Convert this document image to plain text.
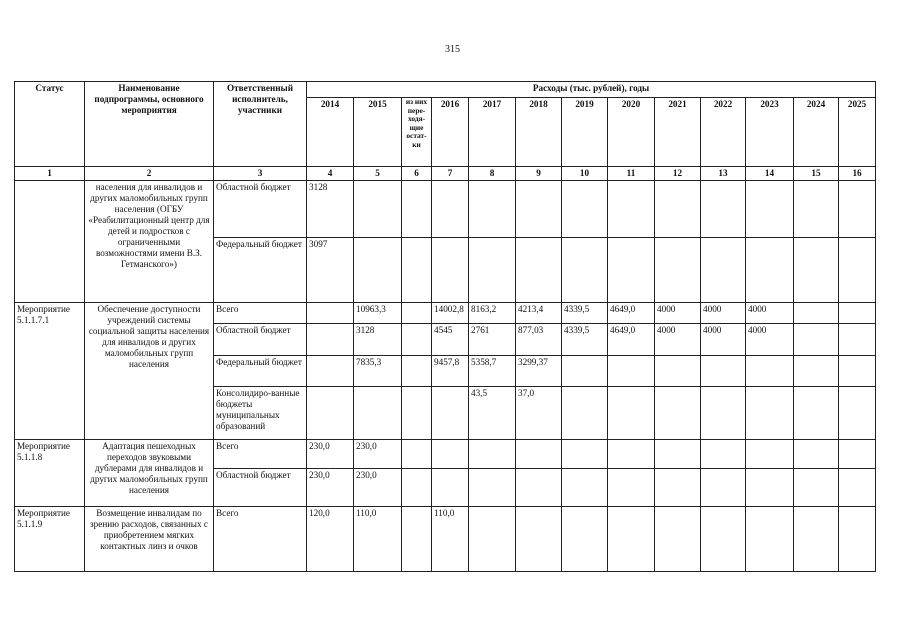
315
Статус	Наименование подпрограммы, основного мероприятия	Ответственный исполнитель, участники	Расходы (тыс. рублей), годы												
			2014	2015	из них пере-ходя-щие остат-ки	2016	2017	2018	2019	2020	2021	2022	2023	2024	2025
1	2	3	4	5	6	7	8	9	10	11	12	13	14	15	16
	населения для инвалидов и других маломобильных групп населения (ОГБУ «Реабилитационный центр для детей и подростков с ограниченными возможностями имени В.З. Гетманского»)	Областной бюджет	3128												
		Федеральный бюджет	3097												
Мероприятие 5.1.1.7.1	Обеспечение доступности учреждений системы социальной защиты населения для инвалидов и других маломобильных групп населения	Всего		10963,3		14002,8	8163,2	4213,4	4339,5	4649,0	4000	4000	4000		
		Областной бюджет		3128		4545	2761	877,03	4339,5	4649,0	4000	4000	4000		
		Федеральный бюджет		7835,3		9457,8	5358,7	3299,37							
		Консолидиро-ванные бюджеты муниципальных образований					43,5	37,0							
Мероприятие 5.1.1.8	Адаптация пешеходных переходов звуковыми дублерами для инвалидов и других маломобильных групп населения	Всего	230,0	230,0											
		Областной бюджет	230,0	230,0											
Мероприятие 5.1.1.9	Возмещение инвалидам по зрению расходов, связанных с приобретением мягких контактных линз и очков	Всего	120,0	110,0		110,0									
